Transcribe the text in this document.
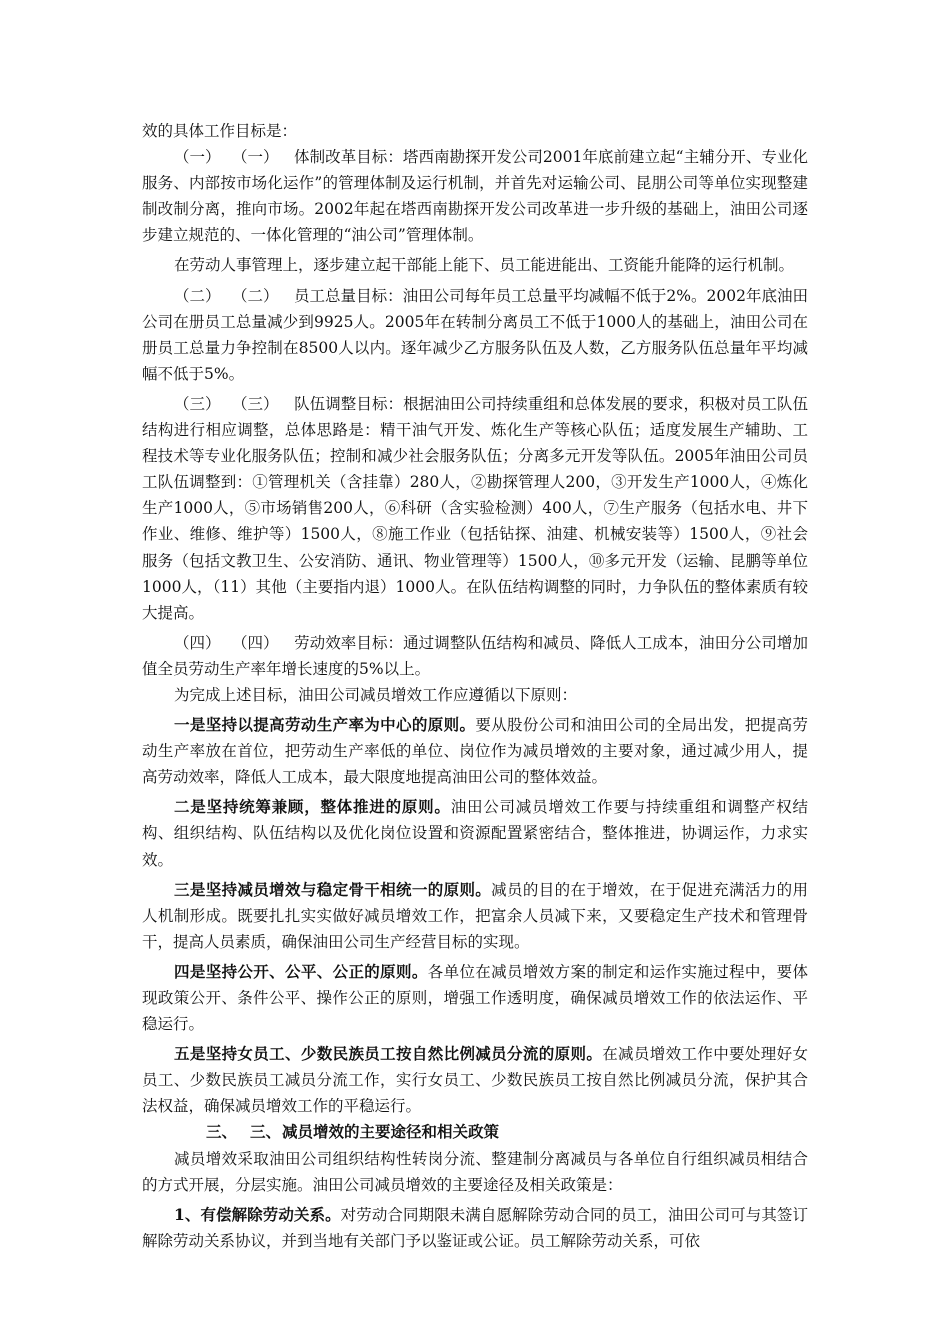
效的具体工作目标是：

（一） （一） 体制改革目标：塔西南勘探开发公司2001年底前建立起“主辅分开、专业化服务、内部按市场化运作”的管理体制及运行机制，并首先对运输公司、昆朋公司等单位实现整建制改制分离，推向市场。2002年起在塔西南勘探开发公司改革进一步升级的基础上，油田公司逐步建立规范的、一体化管理的“油公司”管理体制。

在劳动人事管理上，逐步建立起干部能上能下、员工能进能出、工资能升能降的运行机制。

（二） （二） 员工总量目标：油田公司每年员工总量平均减幅不低于2%。2002年底油田公司在册员工总量减少到9925人。2005年在转制分离员工不低于1000人的基础上，油田公司在册员工总量力争控制在8500人以内。逐年减少乙方服务队伍及人数，乙方服务队伍总量年平均减幅不低于5%。

（三） （三） 队伍调整目标：根据油田公司持续重组和总体发展的要求，积极对员工队伍结构进行相应调整，总体思路是：精干油气开发、炼化生产等核心队伍；适度发展生产辅助、工程技术等专业化服务队伍；控制和减少社会服务队伍；分离多元开发等队伍。2005年油田公司员工队伍调整到：①管理机关（含挂靠）280人，②勘探管理人200，③开发生产1000人，④炼化生产1000人，⑤市场销售200人，⑥科研（含实验检测）400人，⑦生产服务（包括水电、井下作业、维修、维护等）1500人，⑧施工作业（包括钻探、油建、机械安装等）1500人，⑨社会服务（包括文教卫生、公安消防、通讯、物业管理等）1500人，⑩多元开发（运输、昆鹏等单位1000人，（11）其他（主要指内退）1000人。在队伍结构调整的同时，力争队伍的整体素质有较大提高。

（四） （四） 劳动效率目标：通过调整队伍结构和减员、降低人工成本，油田分公司增加值全员劳动生产率年增长速度的5%以上。

为完成上述目标，油田公司减员增效工作应遵循以下原则：

一是坚持以提高劳动生产率为中心的原则。要从股份公司和油田公司的全局出发，把提高劳动生产率放在首位，把劳动生产率低的单位、岗位作为减员增效的主要对象，通过减少用人，提高劳动效率，降低人工成本，最大限度地提高油田公司的整体效益。

二是坚持统筹兼顾，整体推进的原则。油田公司减员增效工作要与持续重组和调整产权结构、组织结构、队伍结构以及优化岗位设置和资源配置紧密结合，整体推进，协调运作，力求实效。

三是坚持减员增效与稳定骨干相统一的原则。减员的目的在于增效，在于促进充满活力的用人机制形成。既要扎扎实实做好减员增效工作，把富余人员减下来，又要稳定生产技术和管理骨干，提高人员素质，确保油田公司生产经营目标的实现。

四是坚持公开、公平、公正的原则。各单位在减员增效方案的制定和运作实施过程中，要体现政策公开、条件公平、操作公正的原则，增强工作透明度，确保减员增效工作的依法运作、平稳运行。

五是坚持女员工、少数民族员工按自然比例减员分流的原则。在减员增效工作中要处理好女员工、少数民族员工减员分流工作，实行女员工、少数民族员工按自然比例减员分流，保护其合法权益，确保减员增效工作的平稳运行。

三、 三、减员增效的主要途径和相关政策

减员增效采取油田公司组织结构性转岗分流、整建制分离减员与各单位自行组织减员相结合的方式开展，分层实施。油田公司减员增效的主要途径及相关政策是：

1、有偿解除劳动关系。对劳动合同期限未满自愿解除劳动合同的员工，油田公司可与其签订解除劳动关系协议，并到当地有关部门予以鉴证或公证。员工解除劳动关系，可依
